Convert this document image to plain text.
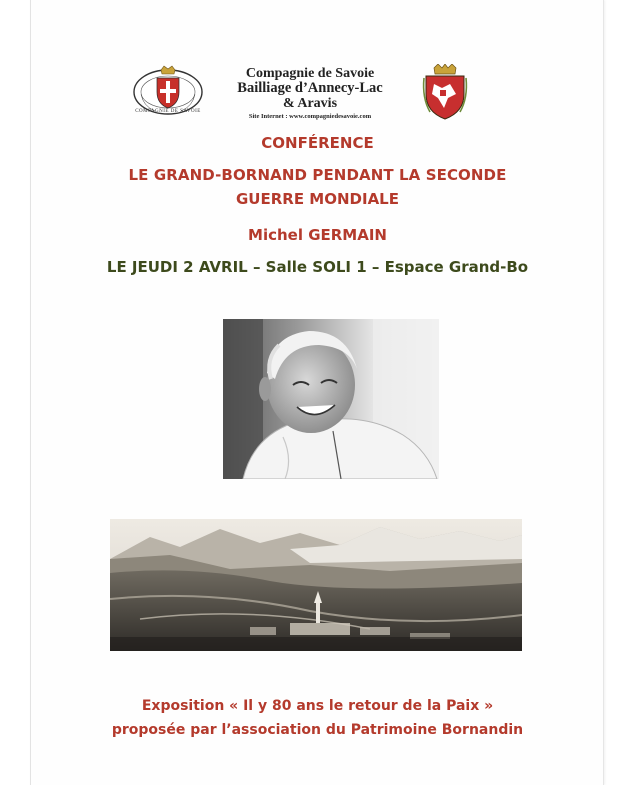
COMPAGNIE DE SAVOIE
Compagnie de Savoie
Bailliage d’Annecy-Lac
& Aravis
Site Internet : www.compagniedesavoie.com
CONFÉRENCE
LE GRAND-BORNAND PENDANT LA SECONDE
GUERRE MONDIALE
Michel GERMAIN
LE JEUDI 2 AVRIL – Salle SOLI 1 – Espace Grand-Bo
Exposition « Il y 80 ans le retour de la Paix »
proposée par l’association du Patrimoine Bornandin
